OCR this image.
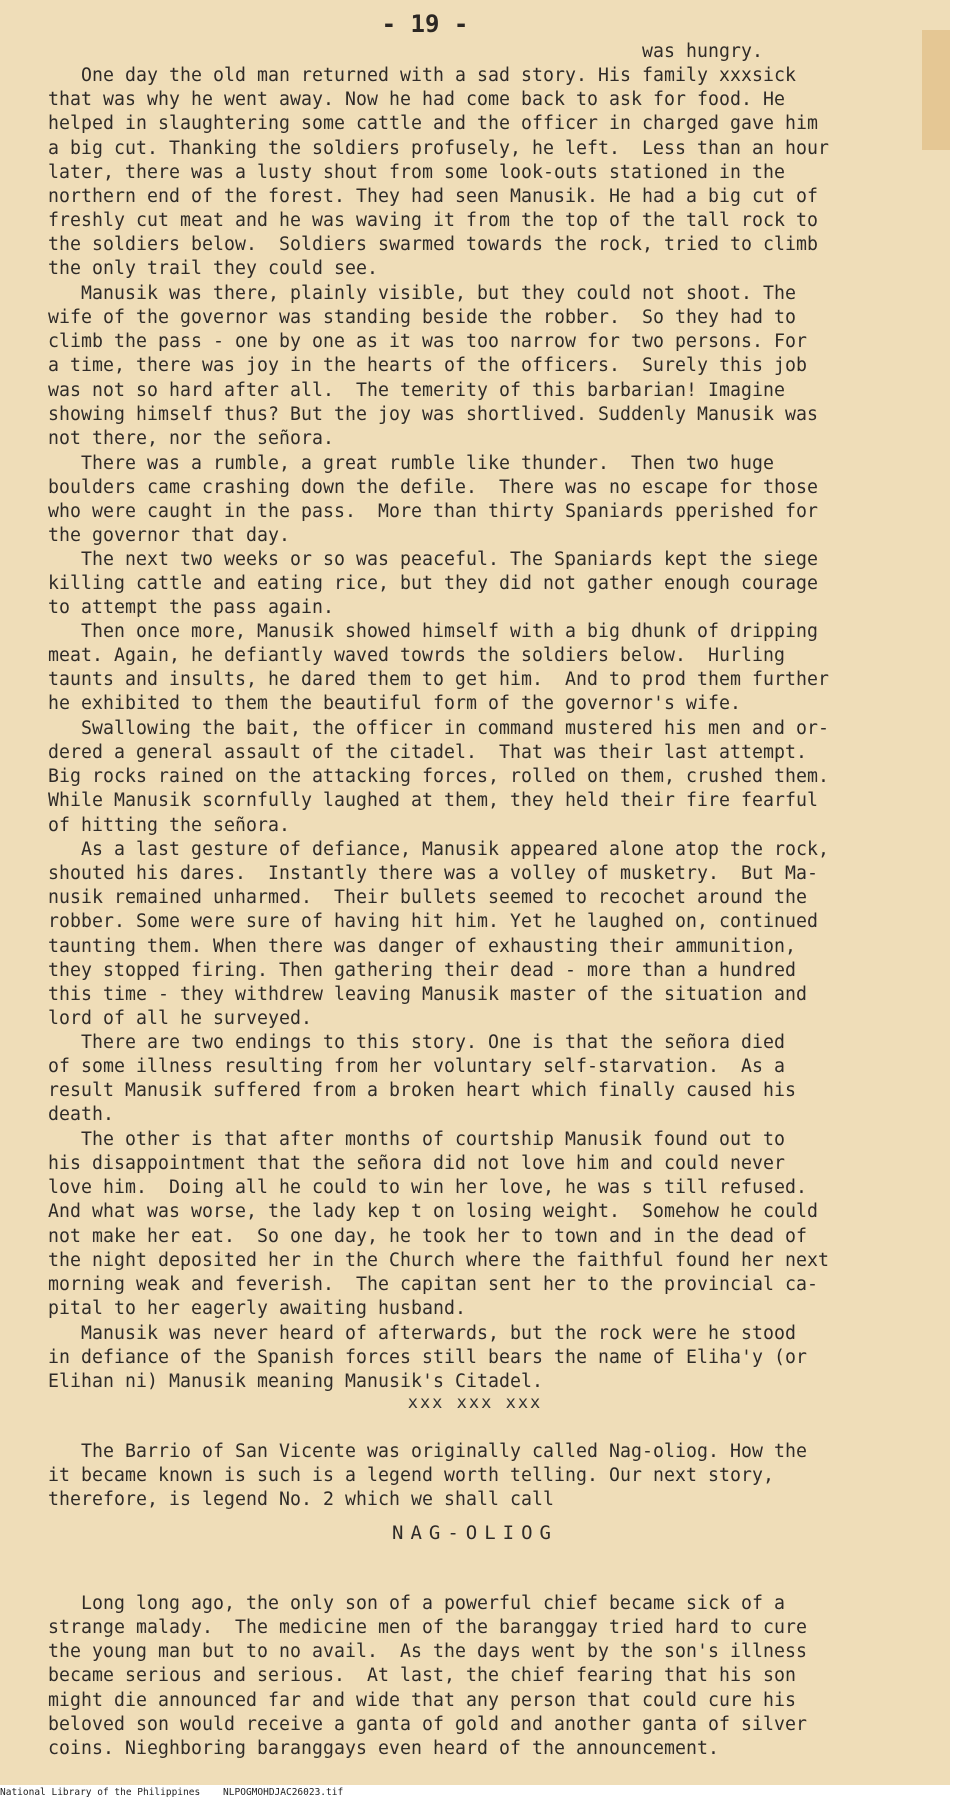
- 19 -
was hungry.
One day the old man returned with a sad story. His family xxxsick
that was why he went away. Now he had come back to ask for food. He
helped in slaughtering some cattle and the officer in charged gave him
a big cut. Thanking the soldiers profusely, he left.  Less than an hour
later, there was a lusty shout from some look-outs stationed in the
northern end of the forest. They had seen Manusik. He had a big cut of
freshly cut meat and he was waving it from the top of the tall rock to
the soldiers below.  Soldiers swarmed towards the rock, tried to climb
the only trail they could see.
Manusik was there, plainly visible, but they could not shoot. The
wife of the governor was standing beside the robber.  So they had to
climb the pass - one by one as it was too narrow for two persons. For
a time, there was joy in the hearts of the officers.  Surely this job
was not so hard after all.  The temerity of this barbarian! Imagine
showing himself thus? But the joy was shortlived. Suddenly Manusik was
not there, nor the señora.
There was a rumble, a great rumble like thunder.  Then two huge
boulders came crashing down the defile.  There was no escape for those
who were caught in the pass.  More than thirty Spaniards pperished for
the governor that day.
The next two weeks or so was peaceful. The Spaniards kept the siege
killing cattle and eating rice, but they did not gather enough courage
to attempt the pass again.
Then once more, Manusik showed himself with a big dhunk of dripping
meat. Again, he defiantly waved towrds the soldiers below.  Hurling
taunts and insults, he dared them to get him.  And to prod them further
he exhibited to them the beautiful form of the governor's wife.
Swallowing the bait, the officer in command mustered his men and or-
dered a general assault of the citadel.  That was their last attempt.
Big rocks rained on the attacking forces, rolled on them, crushed them.
While Manusik scornfully laughed at them, they held their fire fearful
of hitting the señora.
As a last gesture of defiance, Manusik appeared alone atop the rock,
shouted his dares.  Instantly there was a volley of musketry.  But Ma-
nusik remained unharmed.  Their bullets seemed to recochet around the
robber. Some were sure of having hit him. Yet he laughed on, continued
taunting them. When there was danger of exhausting their ammunition,
they stopped firing. Then gathering their dead - more than a hundred
this time - they withdrew leaving Manusik master of the situation and
lord of all he surveyed.
There are two endings to this story. One is that the señora died
of some illness resulting from her voluntary self-starvation.  As a
result Manusik suffered from a broken heart which finally caused his
death.
The other is that after months of courtship Manusik found out to
his disappointment that the señora did not love him and could never
love him.  Doing all he could to win her love, he was s till refused.
And what was worse, the lady kep t on losing weight.  Somehow he could
not make her eat.  So one day, he took her to town and in the dead of
the night deposited her in the Church where the faithful found her next
morning weak and feverish.  The capitan sent her to the provincial ca-
pital to her eagerly awaiting husband.
Manusik was never heard of afterwards, but the rock were he stood
in defiance of the Spanish forces still bears the name of Eliha'y (or
Elihan ni) Manusik meaning Manusik's Citadel.
xxx xxx xxx
The Barrio of San Vicente was originally called Nag-oliog. How the
it became known is such is a legend worth telling. Our next story,
therefore, is legend No. 2 which we shall call
NAG-OLIOG
Long long ago, the only son of a powerful chief became sick of a
strange malady.  The medicine men of the baranggay tried hard to cure
the young man but to no avail.  As the days went by the son's illness
became serious and serious.  At last, the chief fearing that his son
might die announced far and wide that any person that could cure his
beloved son would receive a ganta of gold and another ganta of silver
coins. Nieghboring baranggays even heard of the announcement.
National Library of the Philippines    NLPOGMOHDJAC26023.tif
